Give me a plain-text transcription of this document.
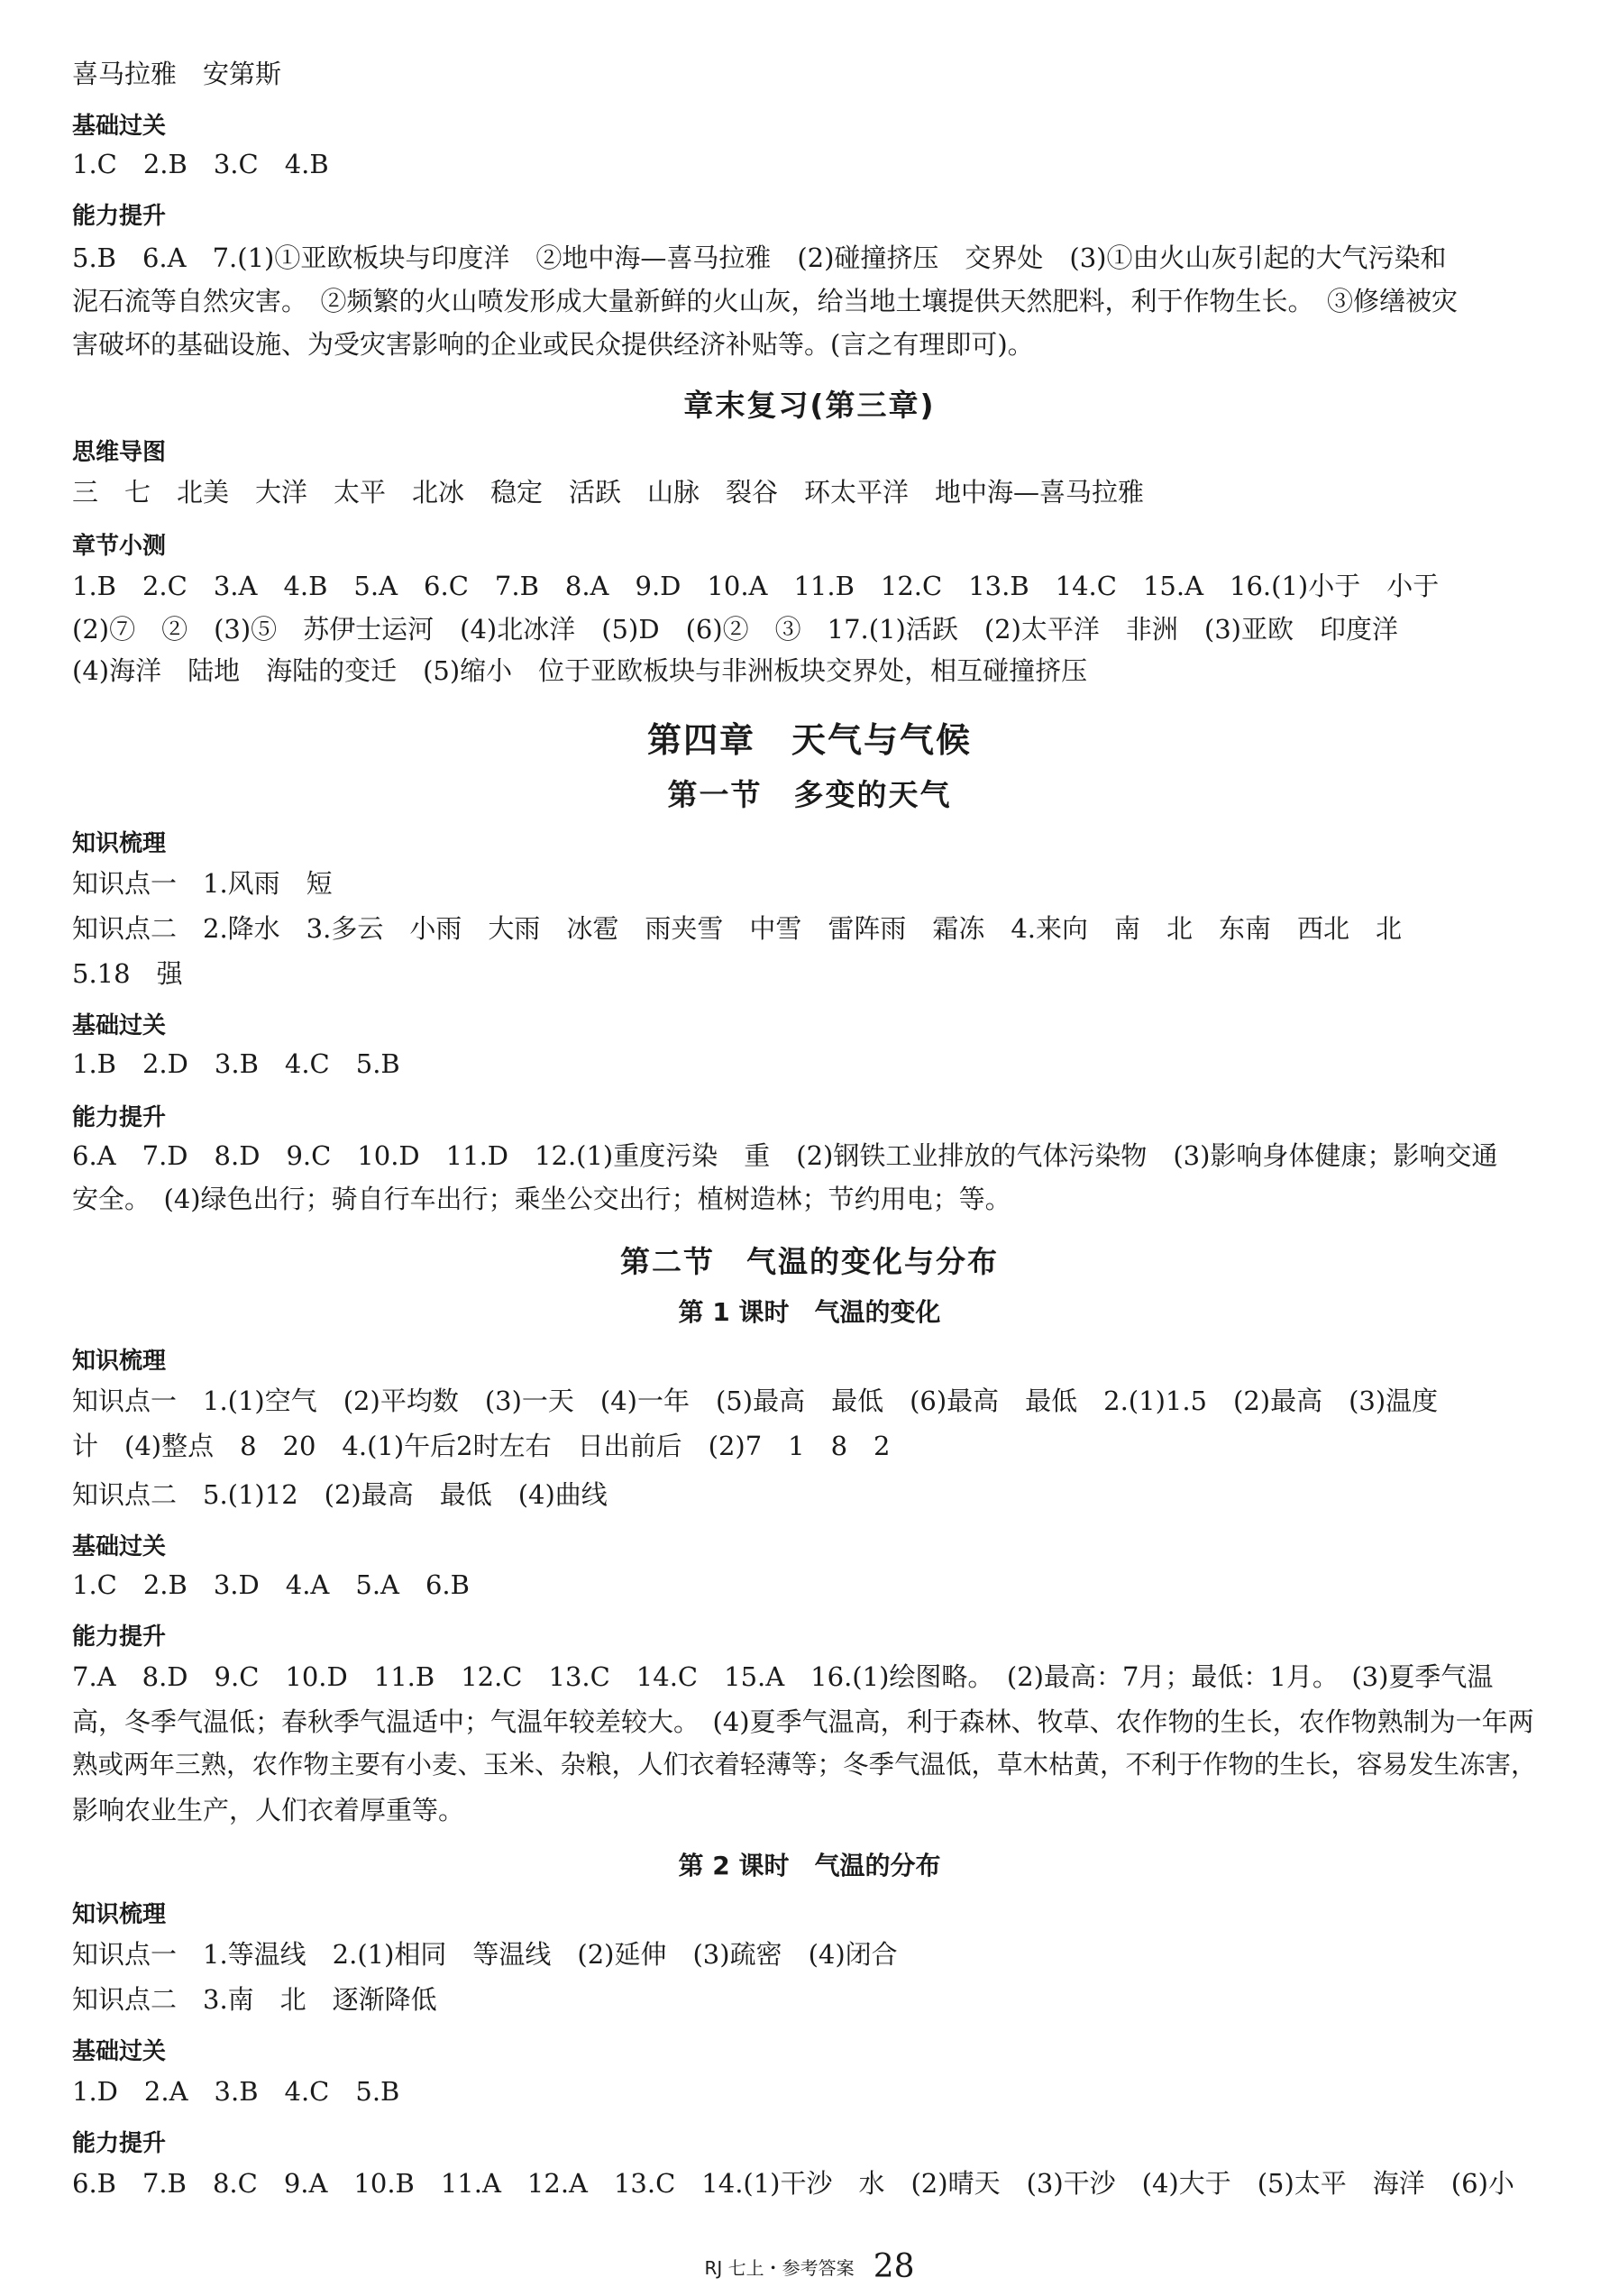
喜马拉雅　安第斯
基础过关
1.C　2.B　3.C　4.B
能力提升
5.B　6.A　7.(1)①亚欧板块与印度洋　②地中海—喜马拉雅　(2)碰撞挤压　交界处　(3)①由火山灰引起的大气污染和
泥石流等自然灾害。　②频繁的火山喷发形成大量新鲜的火山灰，给当地土壤提供天然肥料，利于作物生长。　③修缮被灾
害破坏的基础设施、为受灾害影响的企业或民众提供经济补贴等。(言之有理即可)。
章末复习(第三章)
思维导图
三　七　北美　大洋　太平　北冰　稳定　活跃　山脉　裂谷　环太平洋　地中海—喜马拉雅
章节小测
1.B　2.C　3.A　4.B　5.A　6.C　7.B　8.A　9.D　10.A　11.B　12.C　13.B　14.C　15.A　16.(1)小于　小于
(2)⑦　②　(3)⑤　苏伊士运河　(4)北冰洋　(5)D　(6)②　③　17.(1)活跃　(2)太平洋　非洲　(3)亚欧　印度洋
(4)海洋　陆地　海陆的变迁　(5)缩小　位于亚欧板块与非洲板块交界处，相互碰撞挤压
第四章　天气与气候
第一节　多变的天气
知识梳理
知识点一　1.风雨　短
知识点二　2.降水　3.多云　小雨　大雨　冰雹　雨夹雪　中雪　雷阵雨　霜冻　4.来向　南　北　东南　西北　北
5.18　强
基础过关
1.B　2.D　3.B　4.C　5.B
能力提升
6.A　7.D　8.D　9.C　10.D　11.D　12.(1)重度污染　重　(2)钢铁工业排放的气体污染物　(3)影响身体健康；影响交通
安全。　(4)绿色出行；骑自行车出行；乘坐公交出行；植树造林；节约用电；等。
第二节　气温的变化与分布
第 1 课时　气温的变化
知识梳理
知识点一　1.(1)空气　(2)平均数　(3)一天　(4)一年　(5)最高　最低　(6)最高　最低　2.(1)1.5　(2)最高　(3)温度
计　(4)整点　8　20　4.(1)午后2时左右　日出前后　(2)7　1　8　2
知识点二　5.(1)12　(2)最高　最低　(4)曲线
基础过关
1.C　2.B　3.D　4.A　5.A　6.B
能力提升
7.A　8.D　9.C　10.D　11.B　12.C　13.C　14.C　15.A　16.(1)绘图略。　(2)最高：7月；最低：1月。　(3)夏季气温
高，冬季气温低；春秋季气温适中；气温年较差较大。　(4)夏季气温高，利于森林、牧草、农作物的生长，农作物熟制为一年两
熟或两年三熟，农作物主要有小麦、玉米、杂粮，人们衣着轻薄等；冬季气温低，草木枯黄，不利于作物的生长，容易发生冻害，
影响农业生产，人们衣着厚重等。
第 2 课时　气温的分布
知识梳理
知识点一　1.等温线　2.(1)相同　等温线　(2)延伸　(3)疏密　(4)闭合
知识点二　3.南　北　逐渐降低
基础过关
1.D　2.A　3.B　4.C　5.B
能力提升
6.B　7.B　8.C　9.A　10.B　11.A　12.A　13.C　14.(1)干沙　水　(2)晴天　(3)干沙　(4)大于　(5)太平　海洋　(6)小
RJ 七上・参考答案 28
